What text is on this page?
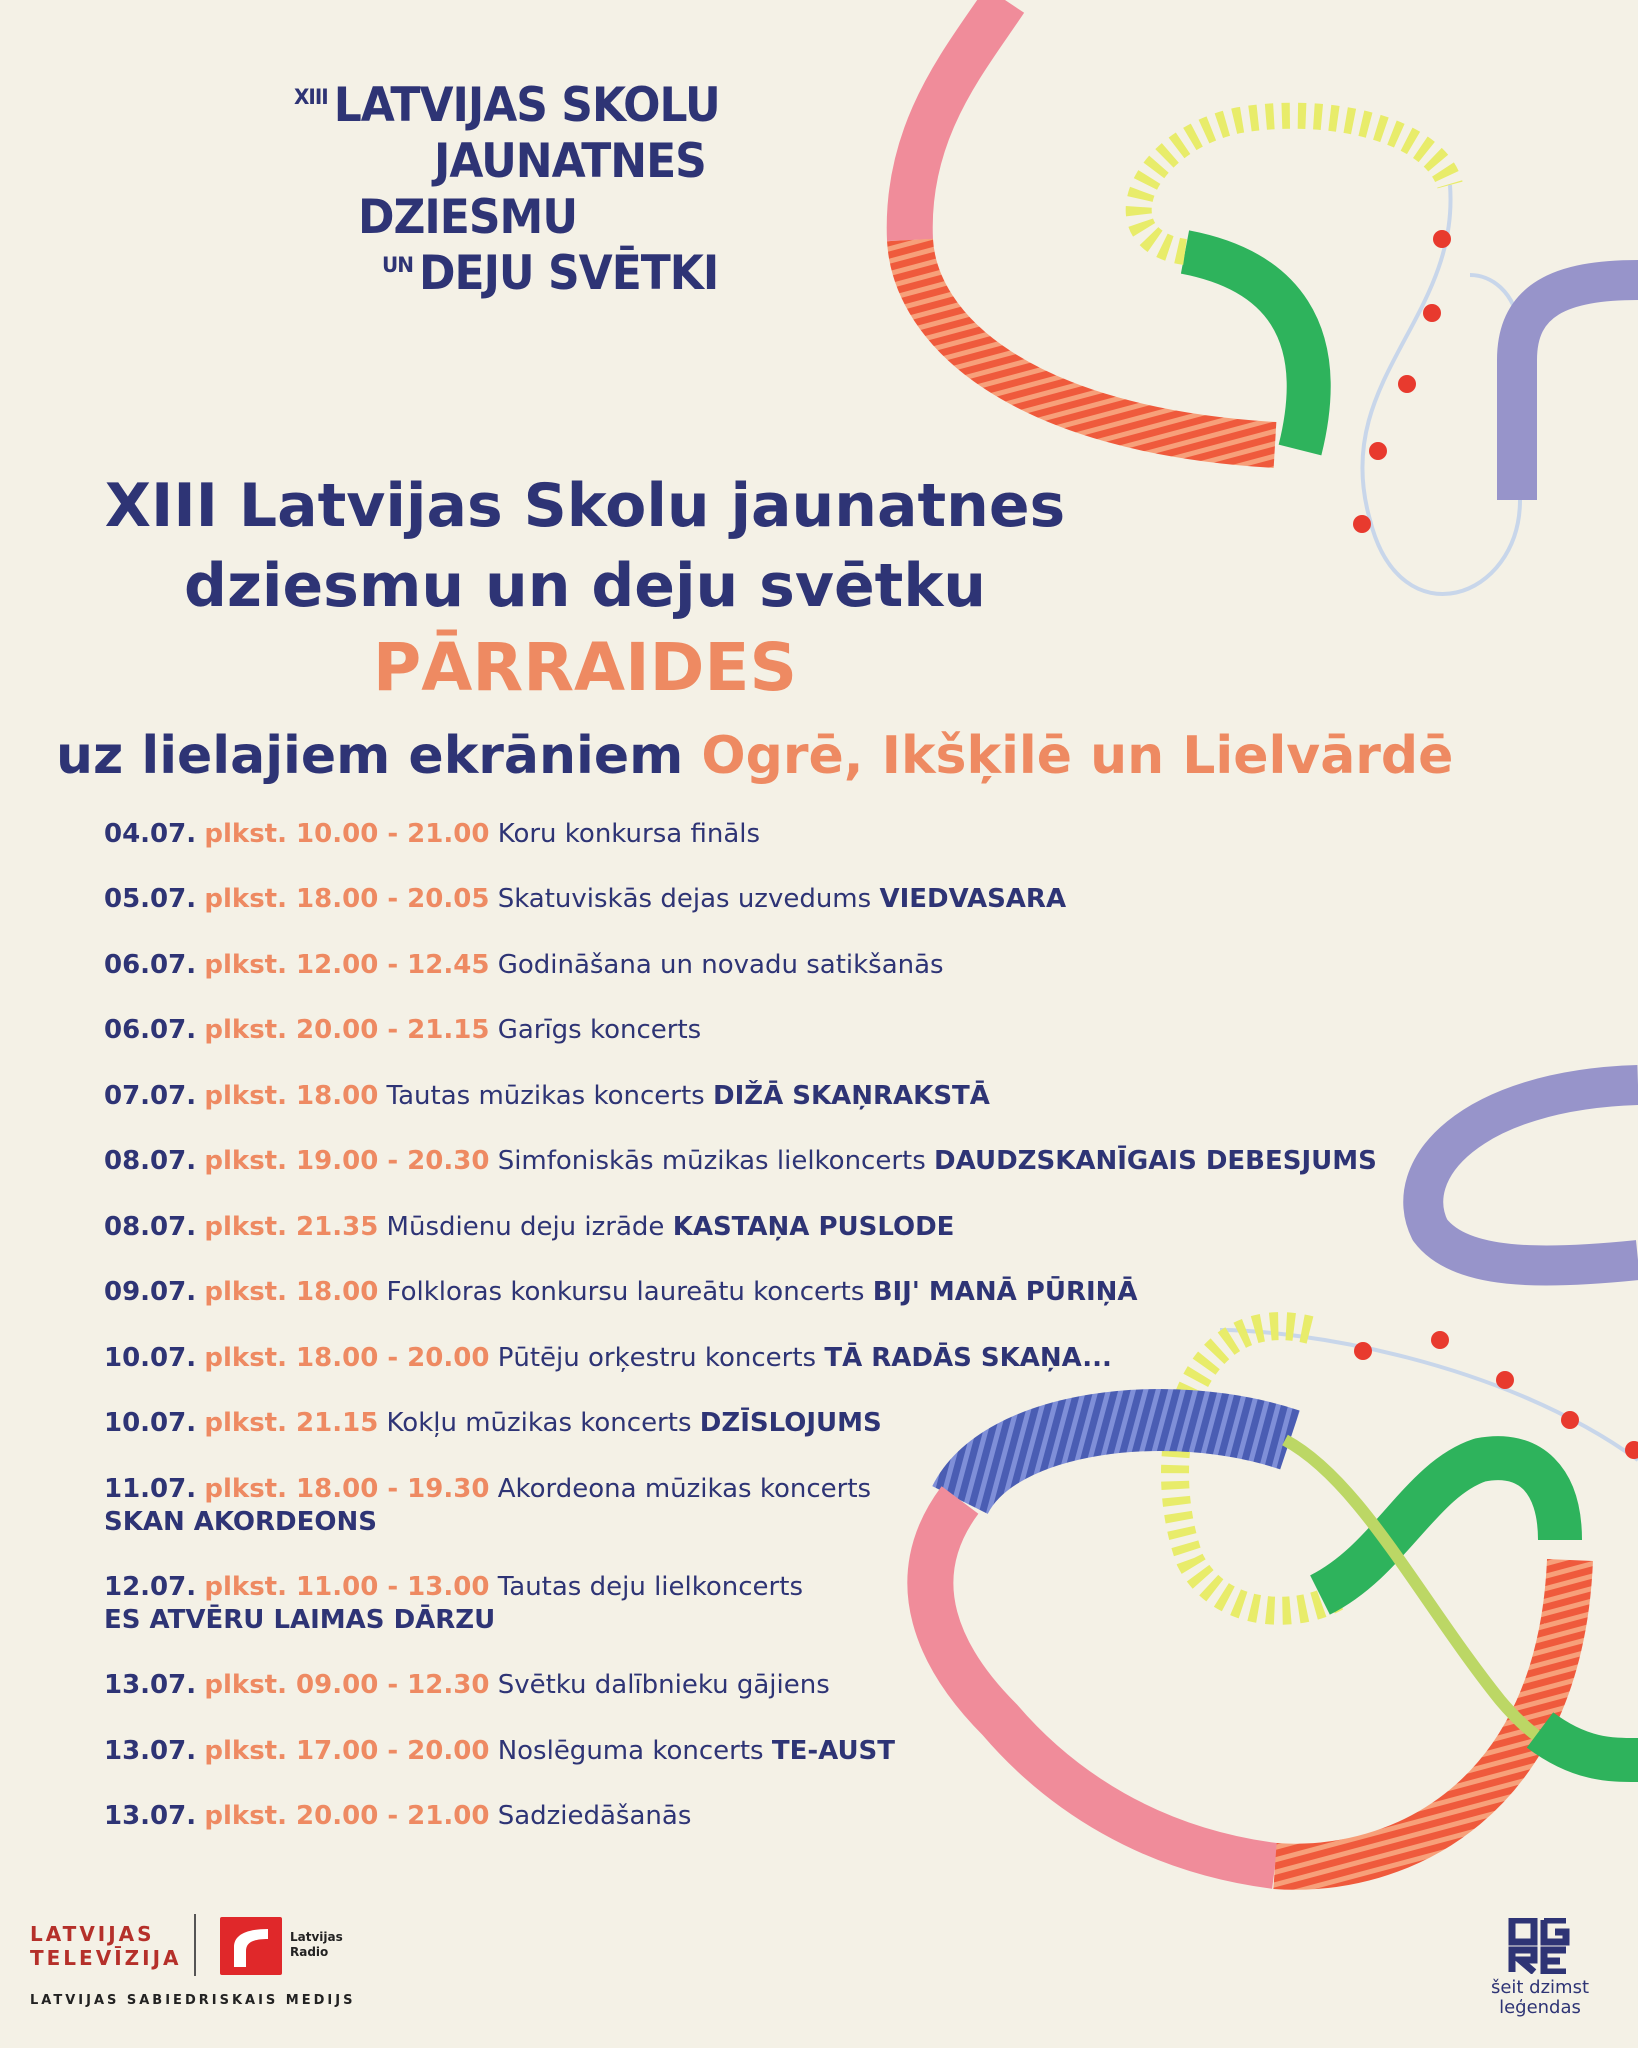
$^{XIII}$ LATVIJAS SKOLU
JAUNATNES
DZIESMU
$^{UN}$ DEJU SVĒTKI
XIII Latvijas Skolu jaunatnes
dziesmu un deju svētku
PĀRRAIDES
uz lielajiem ekrāniem Ogrē, Ikšķilē un Lielvārdē
04.07. plkst. 10.00 - 21.00 Koru konkursa fināls
05.07. plkst. 18.00 - 20.05 Skatuviskās dejas uzvedums VIEDVASARA
06.07. plkst. 12.00 - 12.45 Godināšana un novadu satikšanās
06.07. plkst. 20.00 - 21.15 Garīgs koncerts
07.07. plkst. 18.00 Tautas mūzikas koncerts DIŽĀ SKAŅRAKSTĀ
08.07. plkst. 19.00 - 20.30 Simfoniskās mūzikas lielkoncerts DAUDZSKANĪGAIS DEBESJUMS
08.07. plkst. 21.35 Mūsdienu deju izrāde KASTAŅA PUSLODE
09.07. plkst. 18.00 Folkloras konkursu laureātu koncerts BIJ' MANĀ PŪRIŅĀ
10.07. plkst. 18.00 - 20.00 Pūtēju orķestru koncerts TĀ RADĀS SKAŅA...
10.07. plkst. 21.15 Kokļu mūzikas koncerts DZĪSLOJUMS
11.07. plkst. 18.00 - 19.30 Akordeona mūzikas koncerts
SKAN AKORDEONS
12.07. plkst. 11.00 - 13.00 Tautas deju lielkoncerts
ES ATVĒRU LAIMAS DĀRZU
13.07. plkst. 09.00 - 12.30 Svētku dalībnieku gājiens
13.07. plkst. 17.00 - 20.00 Noslēguma koncerts TE-AUST
13.07. plkst. 20.00 - 21.00 Sadziedāšanās
LATVIJAS
TELEVĪZIJA
Latvijas
Radio
LATVIJAS SABIEDRISKAIS MEDIJS
šeit dzimst
leģendas
